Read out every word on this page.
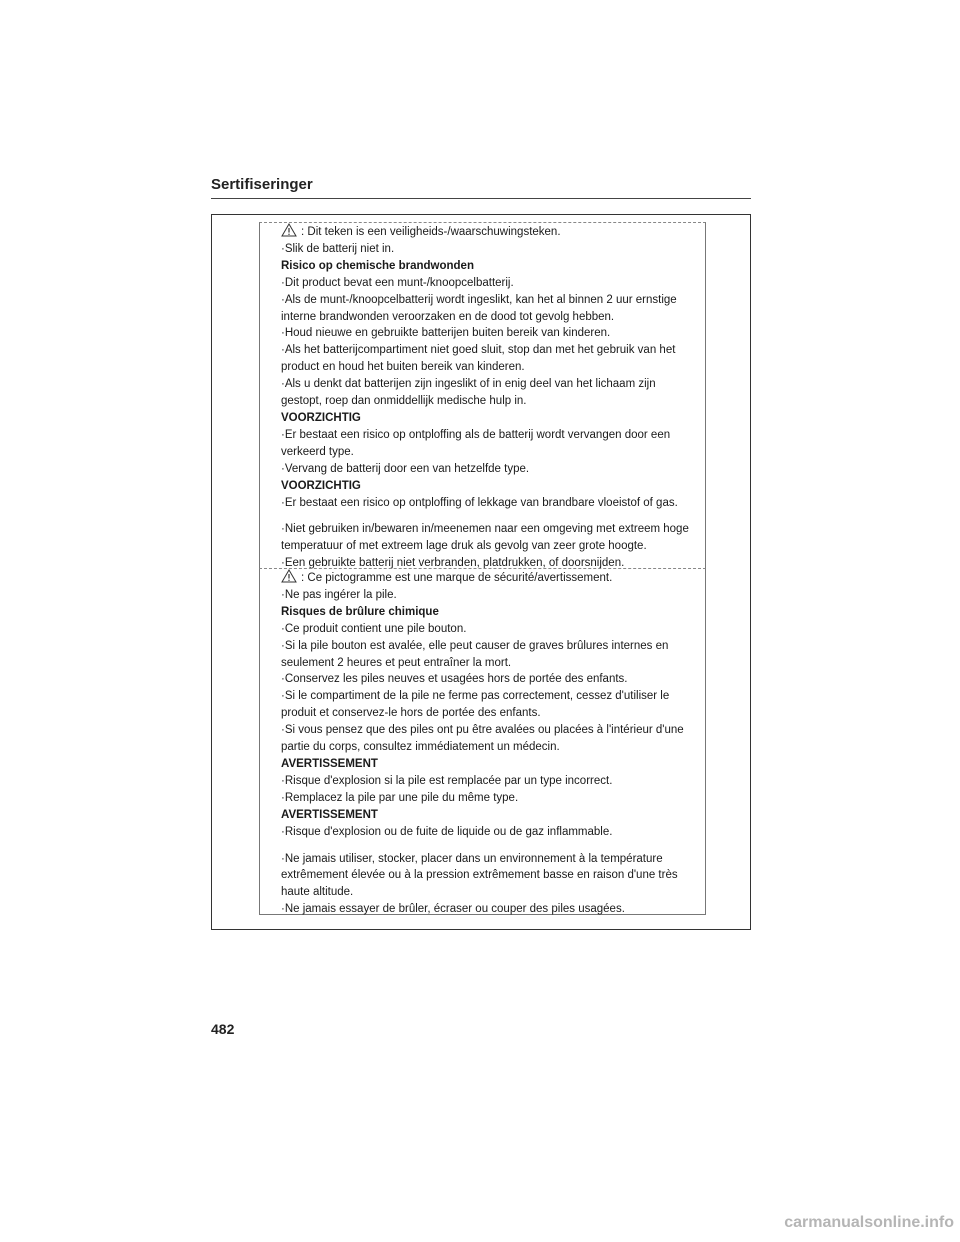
Sertifiseringer

: Dit teken is een veiligheids-/waarschuwingsteken.

·Slik de batterij niet in.

Risico op chemische brandwonden

·Dit product bevat een munt-/knoopcelbatterij.

·Als de munt-/knoopcelbatterij wordt ingeslikt, kan het al binnen 2 uur ernstige interne brandwonden veroorzaken en de dood tot gevolg hebben.

·Houd nieuwe en gebruikte batterijen buiten bereik van kinderen.

·Als het batterijcompartiment niet goed sluit, stop dan met het gebruik van het product en houd het buiten bereik van kinderen.

·Als u denkt dat batterijen zijn ingeslikt of in enig deel van het lichaam zijn gestopt, roep dan onmiddellijk medische hulp in.

VOORZICHTIG

·Er bestaat een risico op ontploffing als de batterij wordt vervangen door een verkeerd type.

·Vervang de batterij door een van hetzelfde type.

VOORZICHTIG

·Er bestaat een risico op ontploffing of lekkage van brandbare vloeistof of gas.

·Niet gebruiken in/bewaren in/meenemen naar een omgeving met extreem hoge temperatuur of met extreem lage druk als gevolg van zeer grote hoogte.

·Een gebruikte batterij niet verbranden, platdrukken, of doorsnijden.

: Ce pictogramme est une marque de sécurité/avertissement.

·Ne pas ingérer la pile.

Risques de brûlure chimique

·Ce produit contient une pile bouton.

·Si la pile bouton est avalée, elle peut causer de graves brûlures internes en seulement 2 heures et peut entraîner la mort.

·Conservez les piles neuves et usagées hors de portée des enfants.

·Si le compartiment de la pile ne ferme pas correctement, cessez d'utiliser le produit et conservez-le hors de portée des enfants.

·Si vous pensez que des piles ont pu être avalées ou placées à l'intérieur d'une partie du corps, consultez immédiatement un médecin.

AVERTISSEMENT

·Risque d'explosion si la pile est remplacée par un type incorrect.

·Remplacez la pile par une pile du même type.

AVERTISSEMENT

·Risque d'explosion ou de fuite de liquide ou de gaz inflammable.

·Ne jamais utiliser, stocker, placer dans un environnement à la température extrêmement élevée ou à la pression extrêmement basse en raison d'une très haute altitude.

·Ne jamais essayer de brûler, écraser ou couper des piles usagées.

482
carmanualsonline.info
